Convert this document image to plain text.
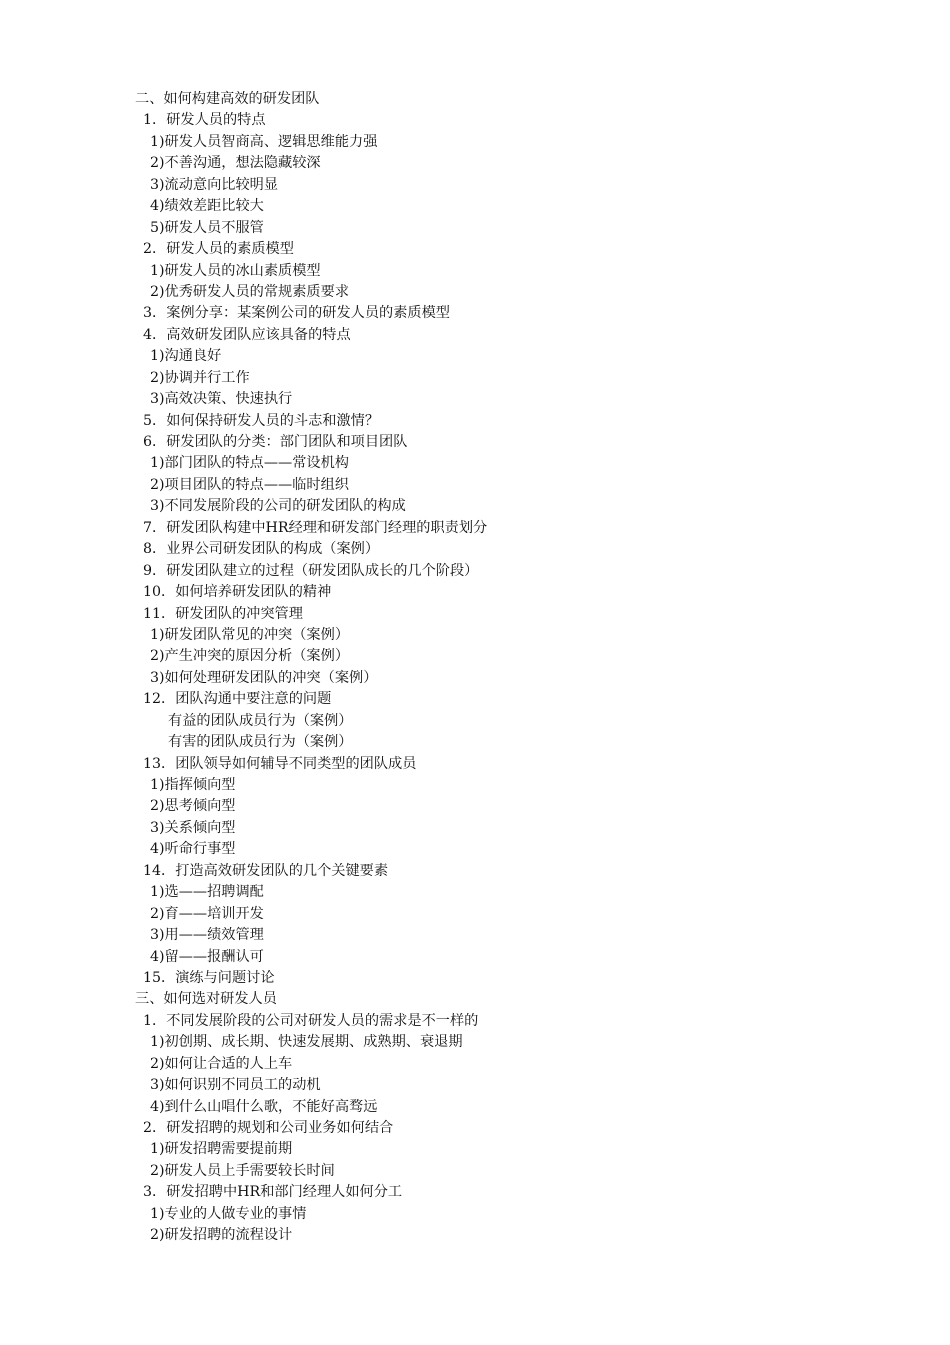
二、如何构建高效的研发团队
1．研发人员的特点
1)研发人员智商高、逻辑思维能力强
2)不善沟通，想法隐藏较深
3)流动意向比较明显
4)绩效差距比较大
5)研发人员不服管
2．研发人员的素质模型
1)研发人员的冰山素质模型
2)优秀研发人员的常规素质要求
3．案例分享：某案例公司的研发人员的素质模型
4．高效研发团队应该具备的特点
1)沟通良好
2)协调并行工作
3)高效决策、快速执行
5．如何保持研发人员的斗志和激情？
6．研发团队的分类：部门团队和项目团队
1)部门团队的特点——常设机构
2)项目团队的特点——临时组织
3)不同发展阶段的公司的研发团队的构成
7．研发团队构建中HR经理和研发部门经理的职责划分
8．业界公司研发团队的构成（案例）
9．研发团队建立的过程（研发团队成长的几个阶段）
10．如何培养研发团队的精神
11．研发团队的冲突管理
1)研发团队常见的冲突（案例）
2)产生冲突的原因分析（案例）
3)如何处理研发团队的冲突（案例）
12．团队沟通中要注意的问题
有益的团队成员行为（案例）
有害的团队成员行为（案例）
13．团队领导如何辅导不同类型的团队成员
1)指挥倾向型
2)思考倾向型
3)关系倾向型
4)听命行事型
14．打造高效研发团队的几个关键要素
1)选——招聘调配
2)育——培训开发
3)用——绩效管理
4)留——报酬认可
15．演练与问题讨论
三、如何选对研发人员
1．不同发展阶段的公司对研发人员的需求是不一样的
1)初创期、成长期、快速发展期、成熟期、衰退期
2)如何让合适的人上车
3)如何识别不同员工的动机
4)到什么山唱什么歌，不能好高骛远
2．研发招聘的规划和公司业务如何结合
1)研发招聘需要提前期
2)研发人员上手需要较长时间
3．研发招聘中HR和部门经理人如何分工
1)专业的人做专业的事情
2)研发招聘的流程设计
